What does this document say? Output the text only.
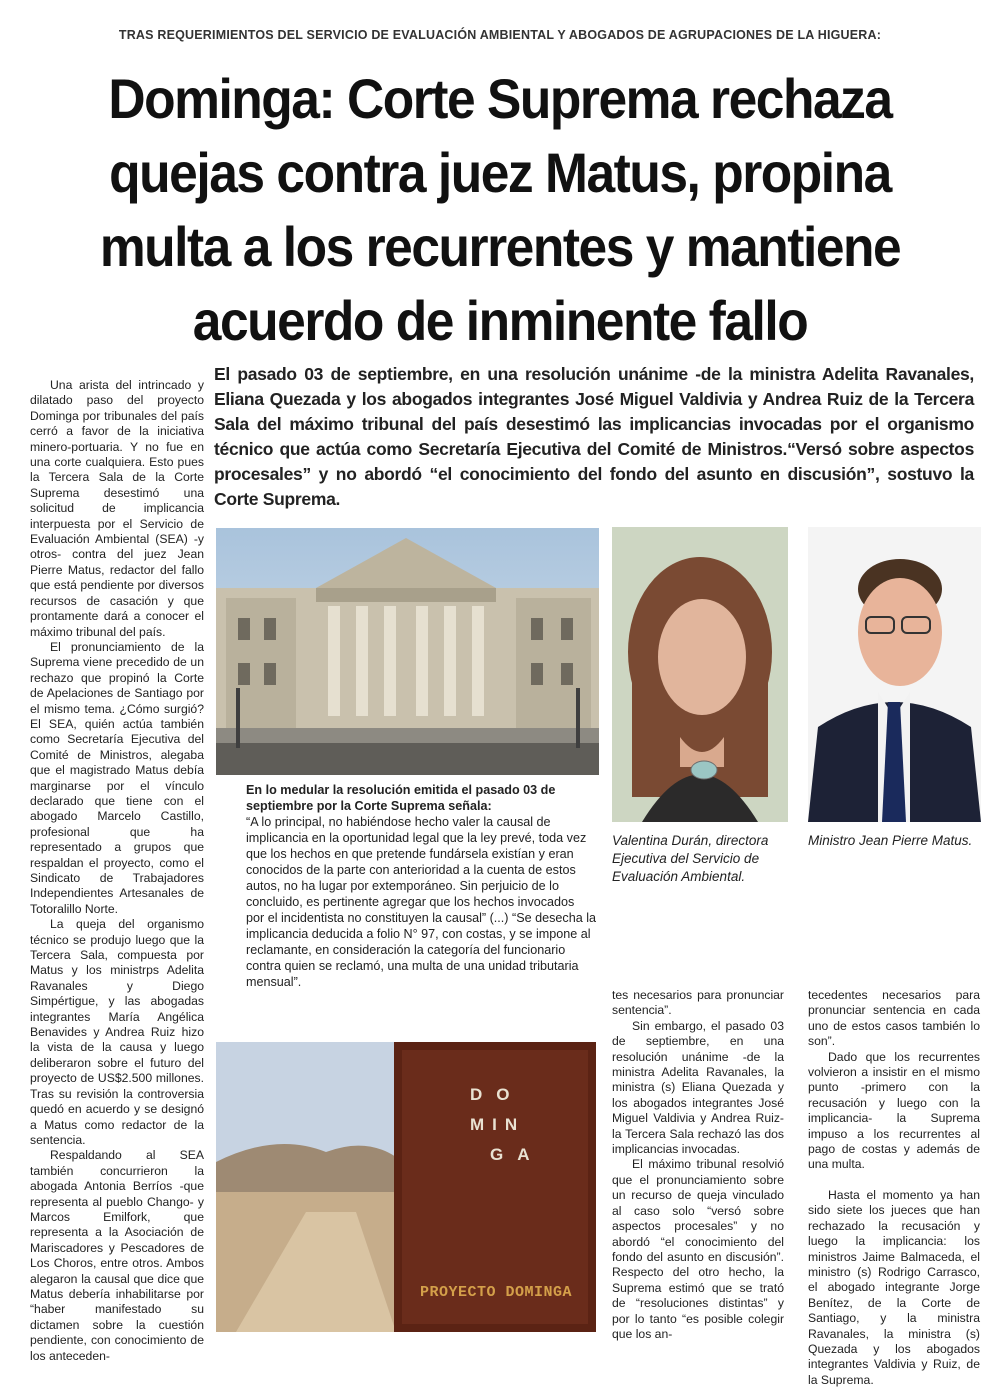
TRAS REQUERIMIENTOS DEL SERVICIO DE EVALUACIÓN AMBIENTAL Y ABOGADOS DE AGRUPACIONES DE LA HIGUERA:
Dominga: Corte Suprema rechaza quejas contra juez Matus, propina multa a los recurrentes y mantiene acuerdo de inminente fallo
El pasado 03 de septiembre, en una resolución unánime -de la ministra Adelita Ravanales, Eliana Quezada y los abogados integrantes José Miguel Valdivia y Andrea Ruiz de la Tercera Sala del máximo tribunal del país desestimó las implicancias invocadas por el organismo técnico que actúa como Secretaría Ejecutiva del Comité de Ministros.“Versó sobre aspectos procesales” y no abordó “el conocimiento del fondo del asunto en discusión”, sostuvo la Corte Suprema.

Una arista del intrincado y dilatado paso del proyecto Dominga por tribunales del país cerró a favor de la iniciativa minero-portuaria. Y no fue en una corte cualquiera. Esto pues la Tercera Sala de la Corte Suprema desestimó una solicitud de implicancia interpuesta por el Servicio de Evaluación Ambiental (SEA) -y otros- contra del juez Jean Pierre Matus, redactor del fallo que está pendiente por diversos recursos de casación y que prontamente dará a conocer el máximo tribunal del país.

El pronunciamiento de la Suprema viene precedido de un rechazo que propinó la Corte de Apelaciones de Santiago por el mismo tema. ¿Cómo surgió? El SEA, quién actúa también como Secretaría Ejecutiva del Comité de Ministros, alegaba que el magistrado Matus debía marginarse por el vínculo declarado que tiene con el abogado Marcelo Castillo, profesional que ha representado a grupos que respaldan el proyecto, como el Sindicato de Trabajadores Independientes Artesanales de Totoralillo Norte.

La queja del organismo técnico se produjo luego que la Tercera Sala, compuesta por Matus y los ministrps Adelita Ravanales y Diego Simpértigue, y las abogadas integrantes María Angélica Benavides y Andrea Ruiz hizo la vista de la causa y luego deliberaron sobre el futuro del proyecto de US$2.500 millones. Tras su revisión la controversia quedó en acuerdo y se designó a Matus como redactor de la sentencia.

Respaldando al SEA también concurrieron la abogada Antonia Berríos -que representa al pueblo Chango- y Marcos Emilfork, que representa a la Asociación de Mariscadores y Pescadores de Los Choros, entre otros. Ambos alegaron la causal que dice que Matus debería inhabilitarse por “haber manifestado su dictamen sobre la cuestión pendiente, con conocimiento de los anteceden-

En lo medular la resolución emitida el pasado 03 de septiembre por la Corte Suprema señala:
“A lo principal, no habiéndose hecho valer la causal de implicancia en la oportunidad legal que la ley prevé, toda vez que los hechos en que pretende fundársela existían y eran conocidos de la parte con anterioridad a la cuenta de estos autos, no ha lugar por extemporáneo. Sin perjuicio de lo concluido, es pertinente agregar que los hechos invocados por el incidentista no constituyen la causal” (...) “Se desecha la implicancia deducida a folio N° 97, con costas, y se impone al reclamante, en consideración la categoría del funcionario contra quien se reclamó, una multa de una unidad tributaria mensual”.
Valentina Durán, directora Ejecutiva del Servicio de Evaluación Ambiental.
Ministro Jean Pierre Matus.
DO
MIN
GA
PROYECTO DOMINGA

tes necesarios para pronunciar sentencia”.

Sin embargo, el pasado 03 de septiembre, en una resolución unánime -de la ministra Adelita Ravanales, la ministra (s) Eliana Quezada y los abogados integrantes José Miguel Valdivia y Andrea Ruiz- la Tercera Sala rechazó las dos implicancias invocadas.

El máximo tribunal resolvió que el pronunciamiento sobre un recurso de queja vinculado al caso solo “versó sobre aspectos procesales” y no abordó “el conocimiento del fondo del asunto en discusión”. Respecto del otro hecho, la Suprema estimó que se trató de “resoluciones distintas” y por lo tanto “es posible colegir que los an-

tecedentes necesarios para pronunciar sentencia en cada uno de estos casos también lo son”.

Dado que los recurrentes volvieron a insistir en el mismo punto -primero con la recusación y luego con la implicancia- la Suprema impuso a los recurrentes al pago de costas y además de una multa.

Hasta el momento ya han sido siete los jueces que han rechazado la recusación y luego la implicancia: los ministros Jaime Balmaceda, el ministro (s) Rodrigo Carrasco, el abogado integrante Jorge Benítez, de la Corte de Santiago, y la ministra Ravanales, la ministra (s) Quezada y los abogados integrantes Valdivia y Ruiz, de la Suprema.
